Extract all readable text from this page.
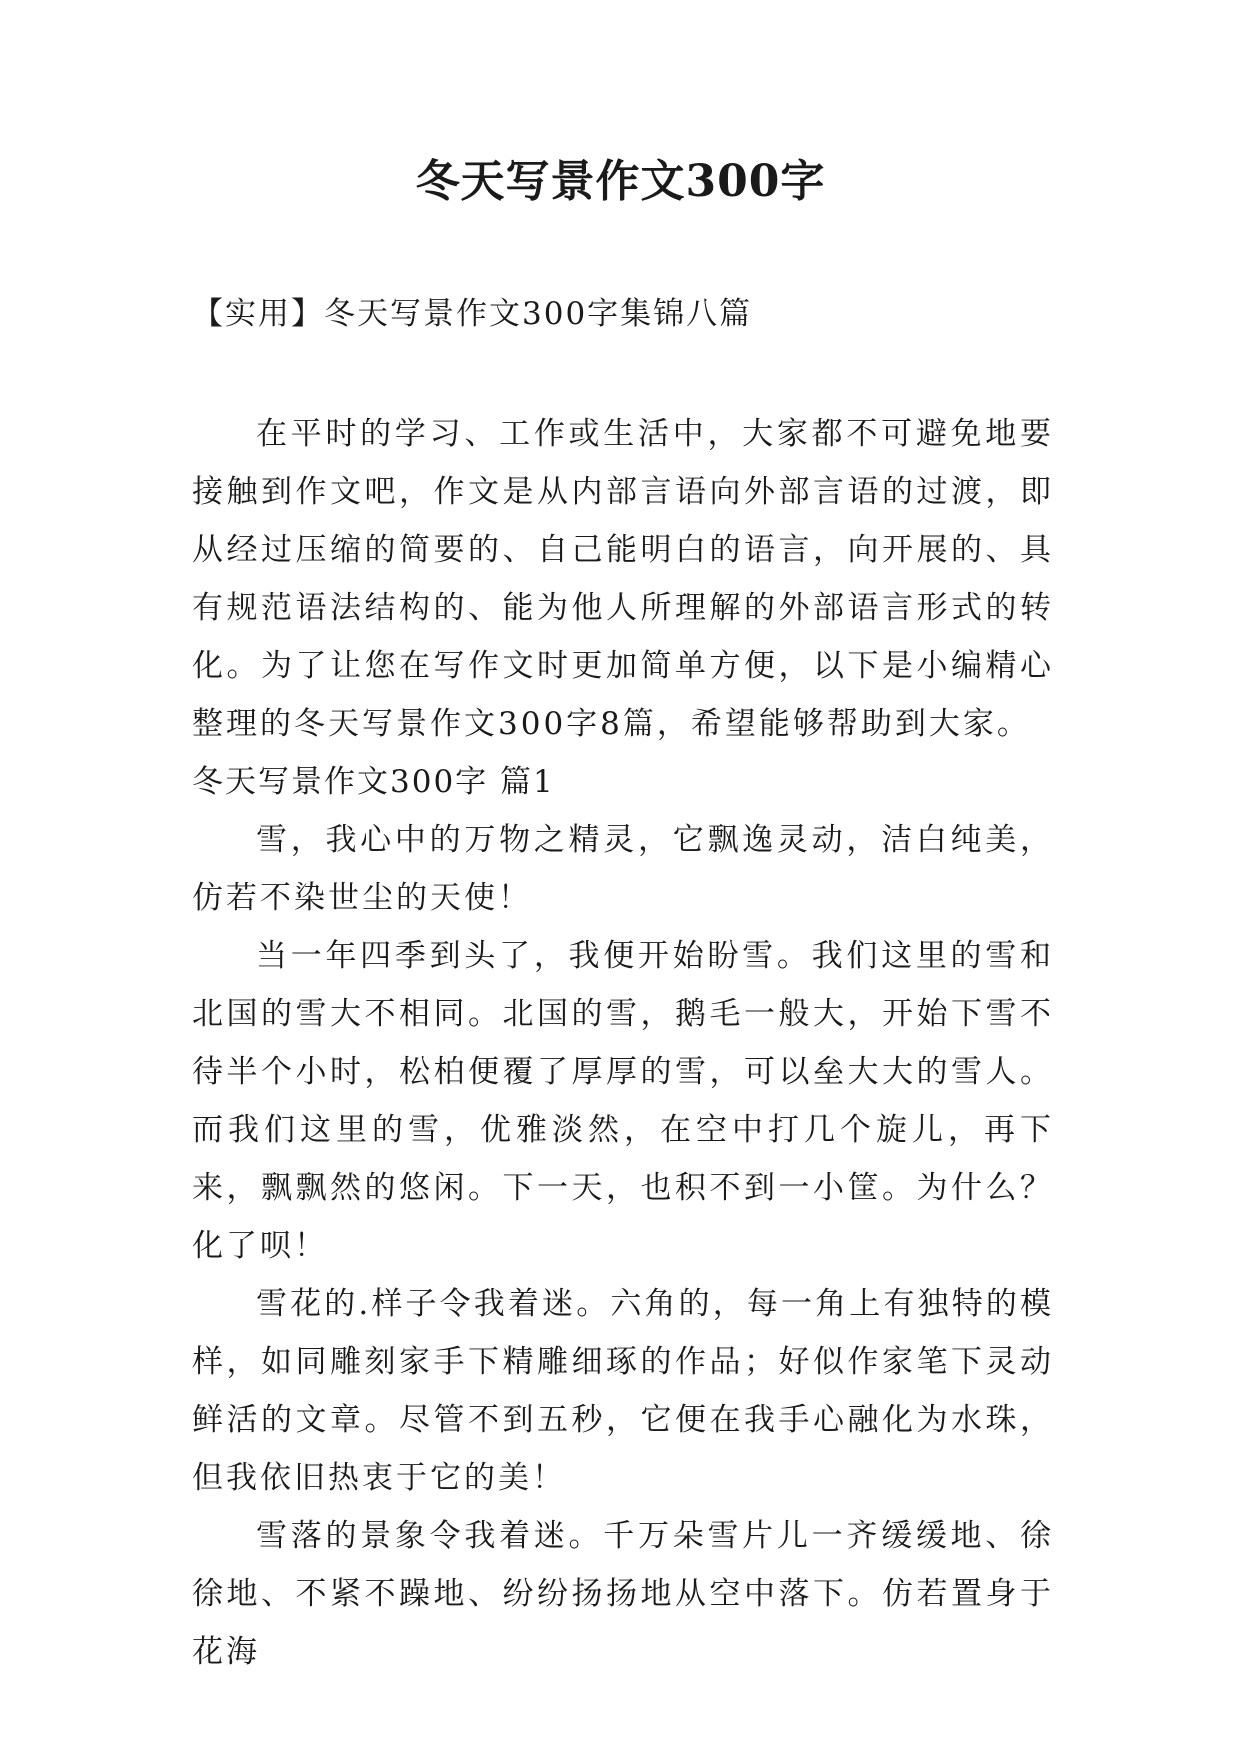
冬天写景作文300字

【实用】冬天写景作文300字集锦八篇

在平时的学习、工作或生活中，大家都不可避免地要接触到作文吧，作文是从内部言语向外部言语的过渡，即从经过压缩的简要的、自己能明白的语言，向开展的、具有规范语法结构的、能为他人所理解的外部语言形式的转化。为了让您在写作文时更加简单方便，以下是小编精心整理的冬天写景作文300字8篇，希望能够帮助到大家。

冬天写景作文300字 篇1

雪，我心中的万物之精灵，它飘逸灵动，洁白纯美，仿若不染世尘的天使！

当一年四季到头了，我便开始盼雪。我们这里的雪和北国的雪大不相同。北国的雪，鹅毛一般大，开始下雪不待半个小时，松柏便覆了厚厚的雪，可以垒大大的雪人。而我们这里的雪，优雅淡然，在空中打几个旋儿，再下来，飘飘然的悠闲。下一天，也积不到一小筐。为什么？化了呗！

雪花的.样子令我着迷。六角的，每一角上有独特的模样，如同雕刻家手下精雕细琢的作品；好似作家笔下灵动鲜活的文章。尽管不到五秒，它便在我手心融化为水珠，但我依旧热衷于它的美！

雪落的景象令我着迷。千万朵雪片儿一齐缓缓地、徐徐地、不紧不躁地、纷纷扬扬地从空中落下。仿若置身于花海
